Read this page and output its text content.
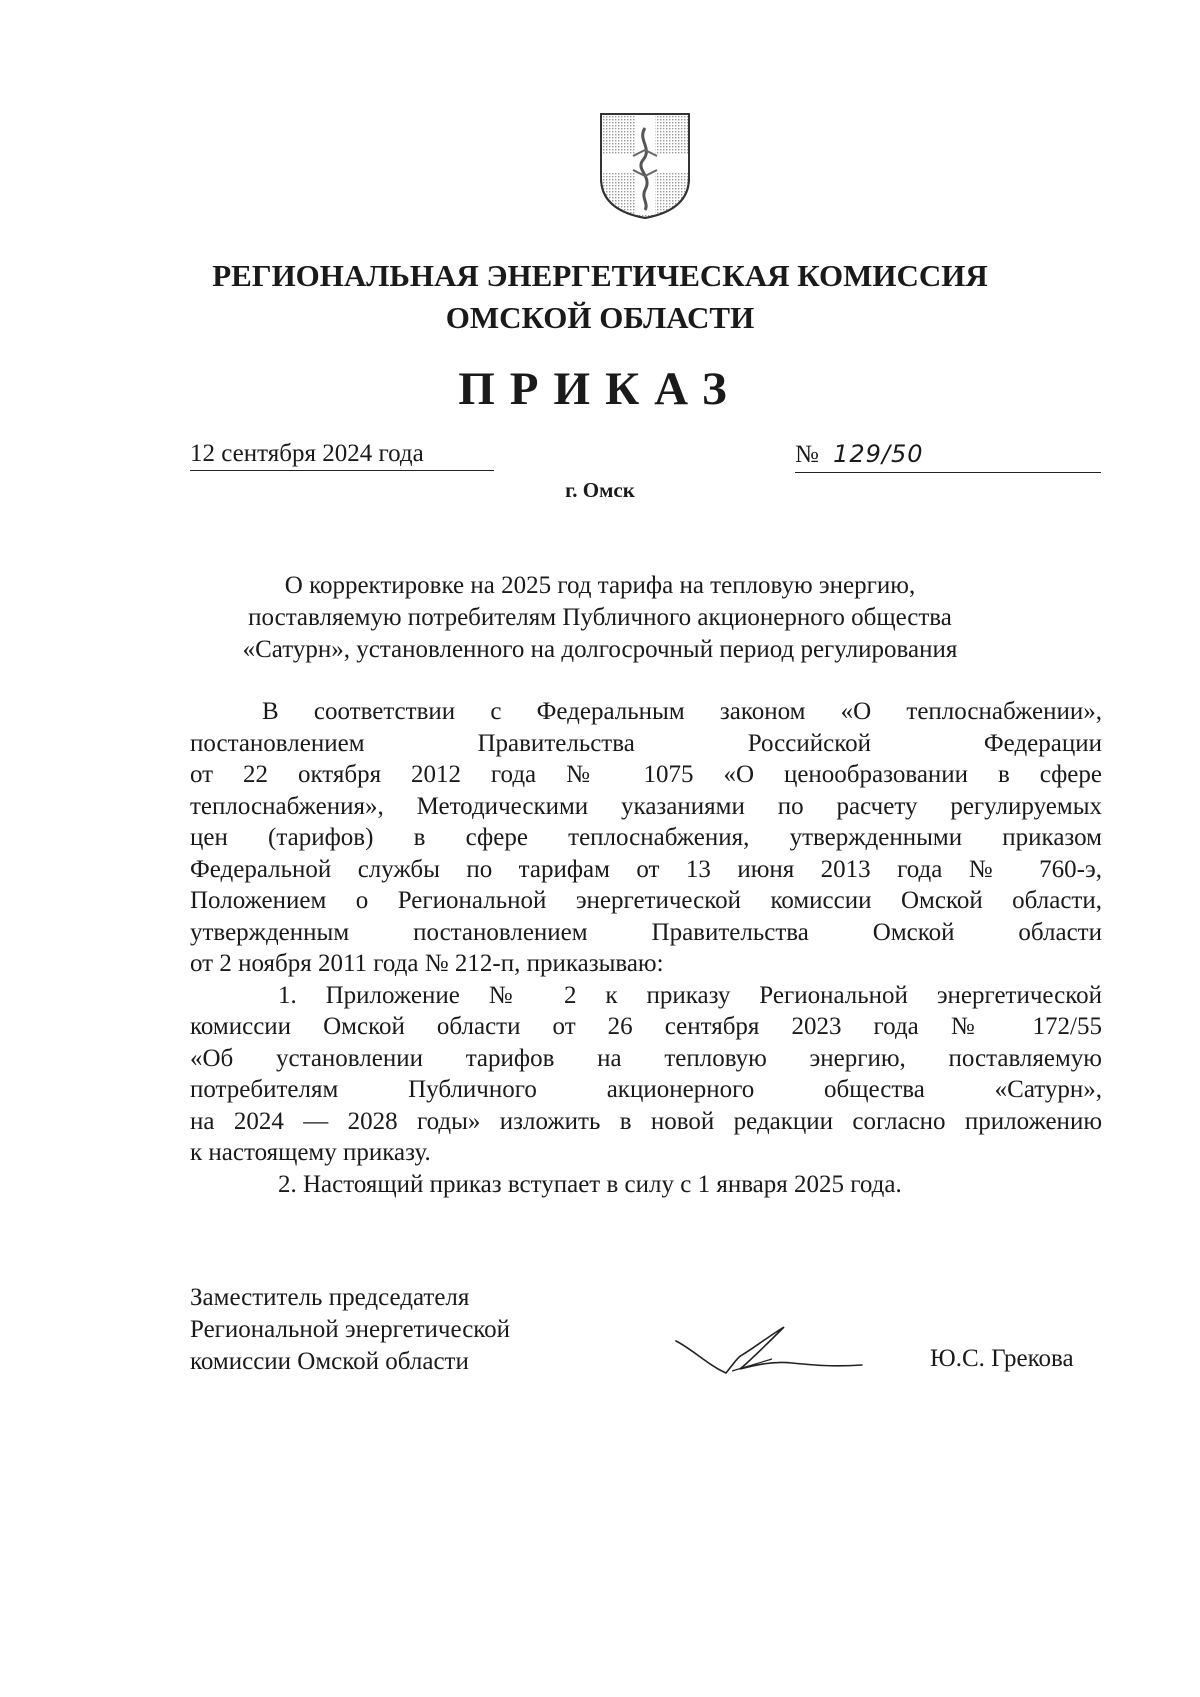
РЕГИОНАЛЬНАЯ ЭНЕРГЕТИЧЕСКАЯ КОМИССИЯ
ОМСКОЙ ОБЛАСТИ
ПРИКАЗ
12 сентября 2024 года	№ 129/50
г. Омск
О корректировке на 2025 год тарифа на тепловую энергию,
поставляемую потребителям Публичного акционерного общества
«Сатурн», установленного на долгосрочный период регулирования
В соответствии с Федеральным законом «О теплоснабжении»,
постановлением Правительства Российской Федерации
от 22 октября 2012 года № 1075 «О ценообразовании в сфере
теплоснабжения», Методическими указаниями по расчету регулируемых
цен (тарифов) в сфере теплоснабжения, утвержденными приказом
Федеральной службы по тарифам от 13 июня 2013 года № 760-э,
Положением о Региональной энергетической комиссии Омской области,
утвержденным постановлением Правительства Омской области
от 2 ноября 2011 года № 212-п, приказываю:
1. Приложение № 2 к приказу Региональной энергетической
комиссии Омской области от 26 сентября 2023 года № 172/55
«Об установлении тарифов на тепловую энергию, поставляемую
потребителям Публичного акционерного общества «Сатурн»,
на 2024 — 2028 годы» изложить в новой редакции согласно приложению
к настоящему приказу.
2. Настоящий приказ вступает в силу с 1 января 2025 года.
Заместитель председателя
Региональной энергетической
комиссии Омской области	Ю.С. Грекова
